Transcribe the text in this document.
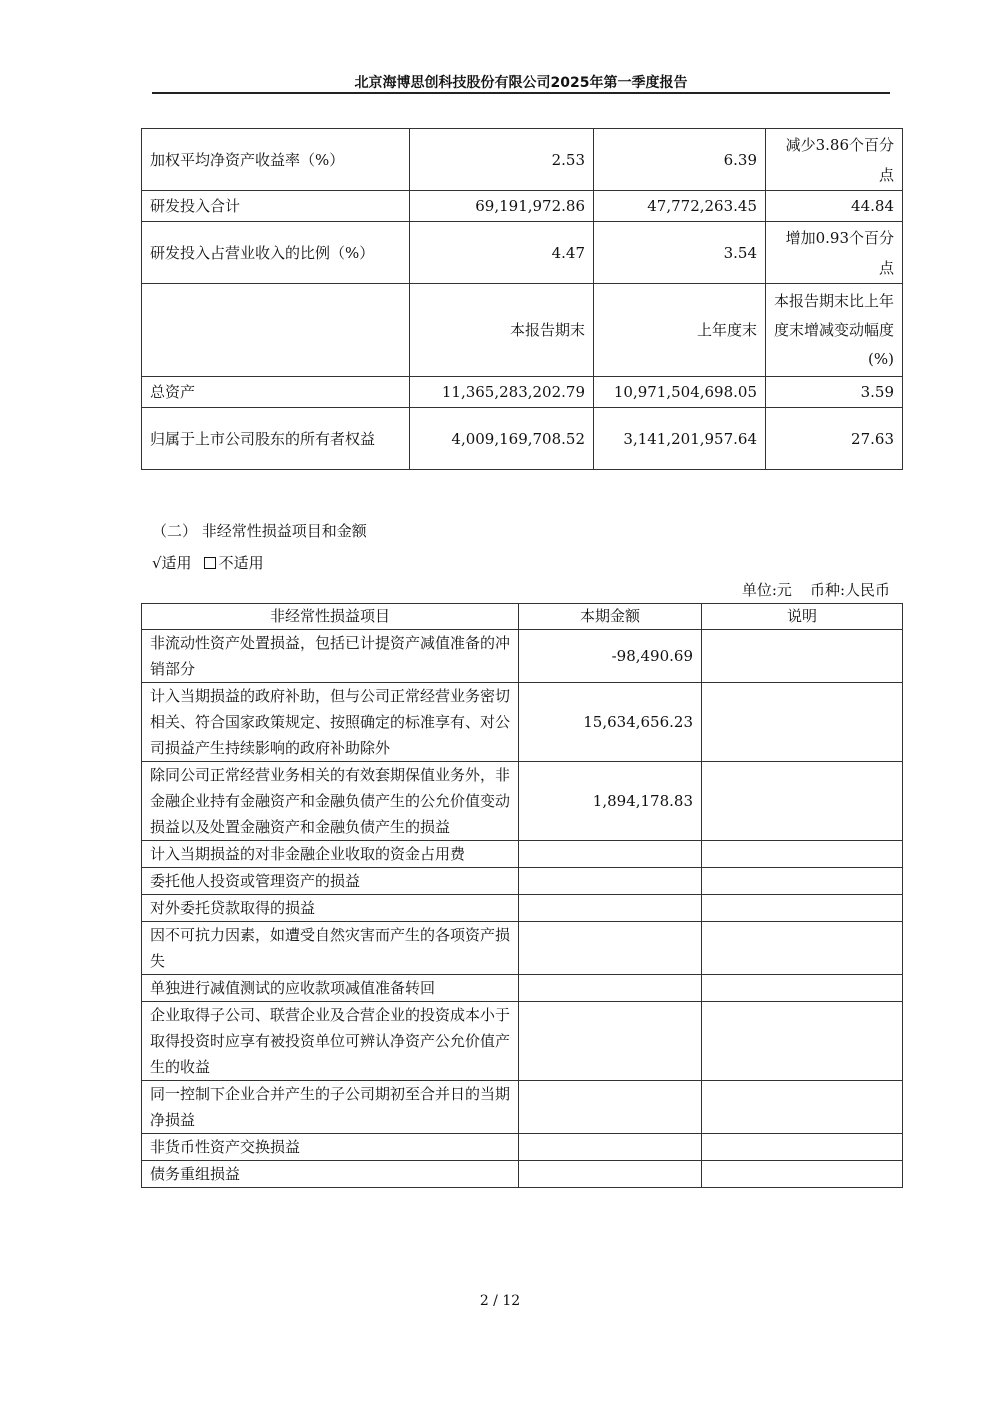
北京海博思创科技股份有限公司2025年第一季度报告
加权平均净资产收益率（%）	2.53	6.39	减少3.86个百分点
研发投入合计	69,191,972.86	47,772,263.45	44.84
研发投入占营业收入的比例（%）	4.47	3.54	增加0.93个百分点
	本报告期末	上年度末	本报告期末比上年度末增减变动幅度(%)
总资产	11,365,283,202.79	10,971,504,698.05	3.59
归属于上市公司股东的所有者权益	4,009,169,708.52	3,141,201,957.64	27.63
（二） 非经常性损益项目和金额
√适用 不适用
单位:元 币种:人民币
非经常性损益项目	本期金额	说明
非流动性资产处置损益，包括已计提资产减值准备的冲销部分	-98,490.69	
计入当期损益的政府补助，但与公司正常经营业务密切相关、符合国家政策规定、按照确定的标准享有、对公司损益产生持续影响的政府补助除外	15,634,656.23	
除同公司正常经营业务相关的有效套期保值业务外，非金融企业持有金融资产和金融负债产生的公允价值变动损益以及处置金融资产和金融负债产生的损益	1,894,178.83	
计入当期损益的对非金融企业收取的资金占用费		
委托他人投资或管理资产的损益		
对外委托贷款取得的损益		
因不可抗力因素，如遭受自然灾害而产生的各项资产损失		
单独进行减值测试的应收款项减值准备转回		
企业取得子公司、联营企业及合营企业的投资成本小于取得投资时应享有被投资单位可辨认净资产公允价值产生的收益		
同一控制下企业合并产生的子公司期初至合并日的当期净损益		
非货币性资产交换损益		
债务重组损益		
2 / 12
